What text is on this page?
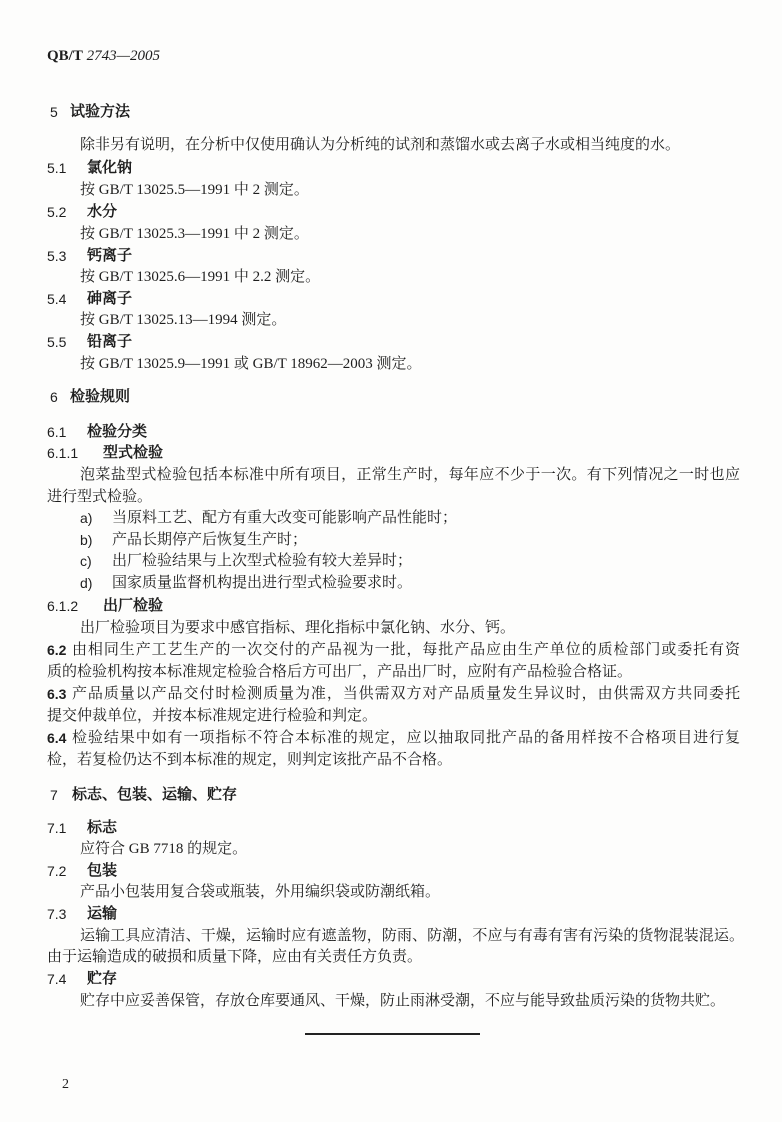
QB/T 2743—2005
5 试验方法
除非另有说明，在分析中仅使用确认为分析纯的试剂和蒸馏水或去离子水或相当纯度的水。
5.1 氯化钠
按 GB/T 13025.5—1991 中 2 测定。
5.2 水分
按 GB/T 13025.3—1991 中 2 测定。
5.3 钙离子
按 GB/T 13025.6—1991 中 2.2 测定。
5.4 砷离子
按 GB/T 13025.13—1994 测定。
5.5 铅离子
按 GB/T 13025.9—1991 或 GB/T 18962—2003 测定。
6 检验规则
6.1 检验分类
6.1.1 型式检验
泡菜盐型式检验包括本标准中所有项目，正常生产时，每年应不少于一次。有下列情况之一时也应
进行型式检验。
a) 当原料工艺、配方有重大改变可能影响产品性能时；
b) 产品长期停产后恢复生产时；
c) 出厂检验结果与上次型式检验有较大差异时；
d) 国家质量监督机构提出进行型式检验要求时。
6.1.2 出厂检验
出厂检验项目为要求中感官指标、理化指标中氯化钠、水分、钙。
6.2 由相同生产工艺生产的一次交付的产品视为一批，每批产品应由生产单位的质检部门或委托有资
质的检验机构按本标准规定检验合格后方可出厂，产品出厂时，应附有产品检验合格证。
6.3 产品质量以产品交付时检测质量为准，当供需双方对产品质量发生异议时，由供需双方共同委托
提交仲裁单位，并按本标准规定进行检验和判定。
6.4 检验结果中如有一项指标不符合本标准的规定，应以抽取同批产品的备用样按不合格项目进行复
检，若复检仍达不到本标准的规定，则判定该批产品不合格。
7 标志、包装、运输、贮存
7.1 标志
应符合 GB 7718 的规定。
7.2 包装
产品小包装用复合袋或瓶装，外用编织袋或防潮纸箱。
7.3 运输
运输工具应清洁、干燥，运输时应有遮盖物，防雨、防潮，不应与有毒有害有污染的货物混装混运。
由于运输造成的破损和质量下降，应由有关责任方负责。
7.4 贮存
贮存中应妥善保管，存放仓库要通风、干燥，防止雨淋受潮，不应与能导致盐质污染的货物共贮。
2
